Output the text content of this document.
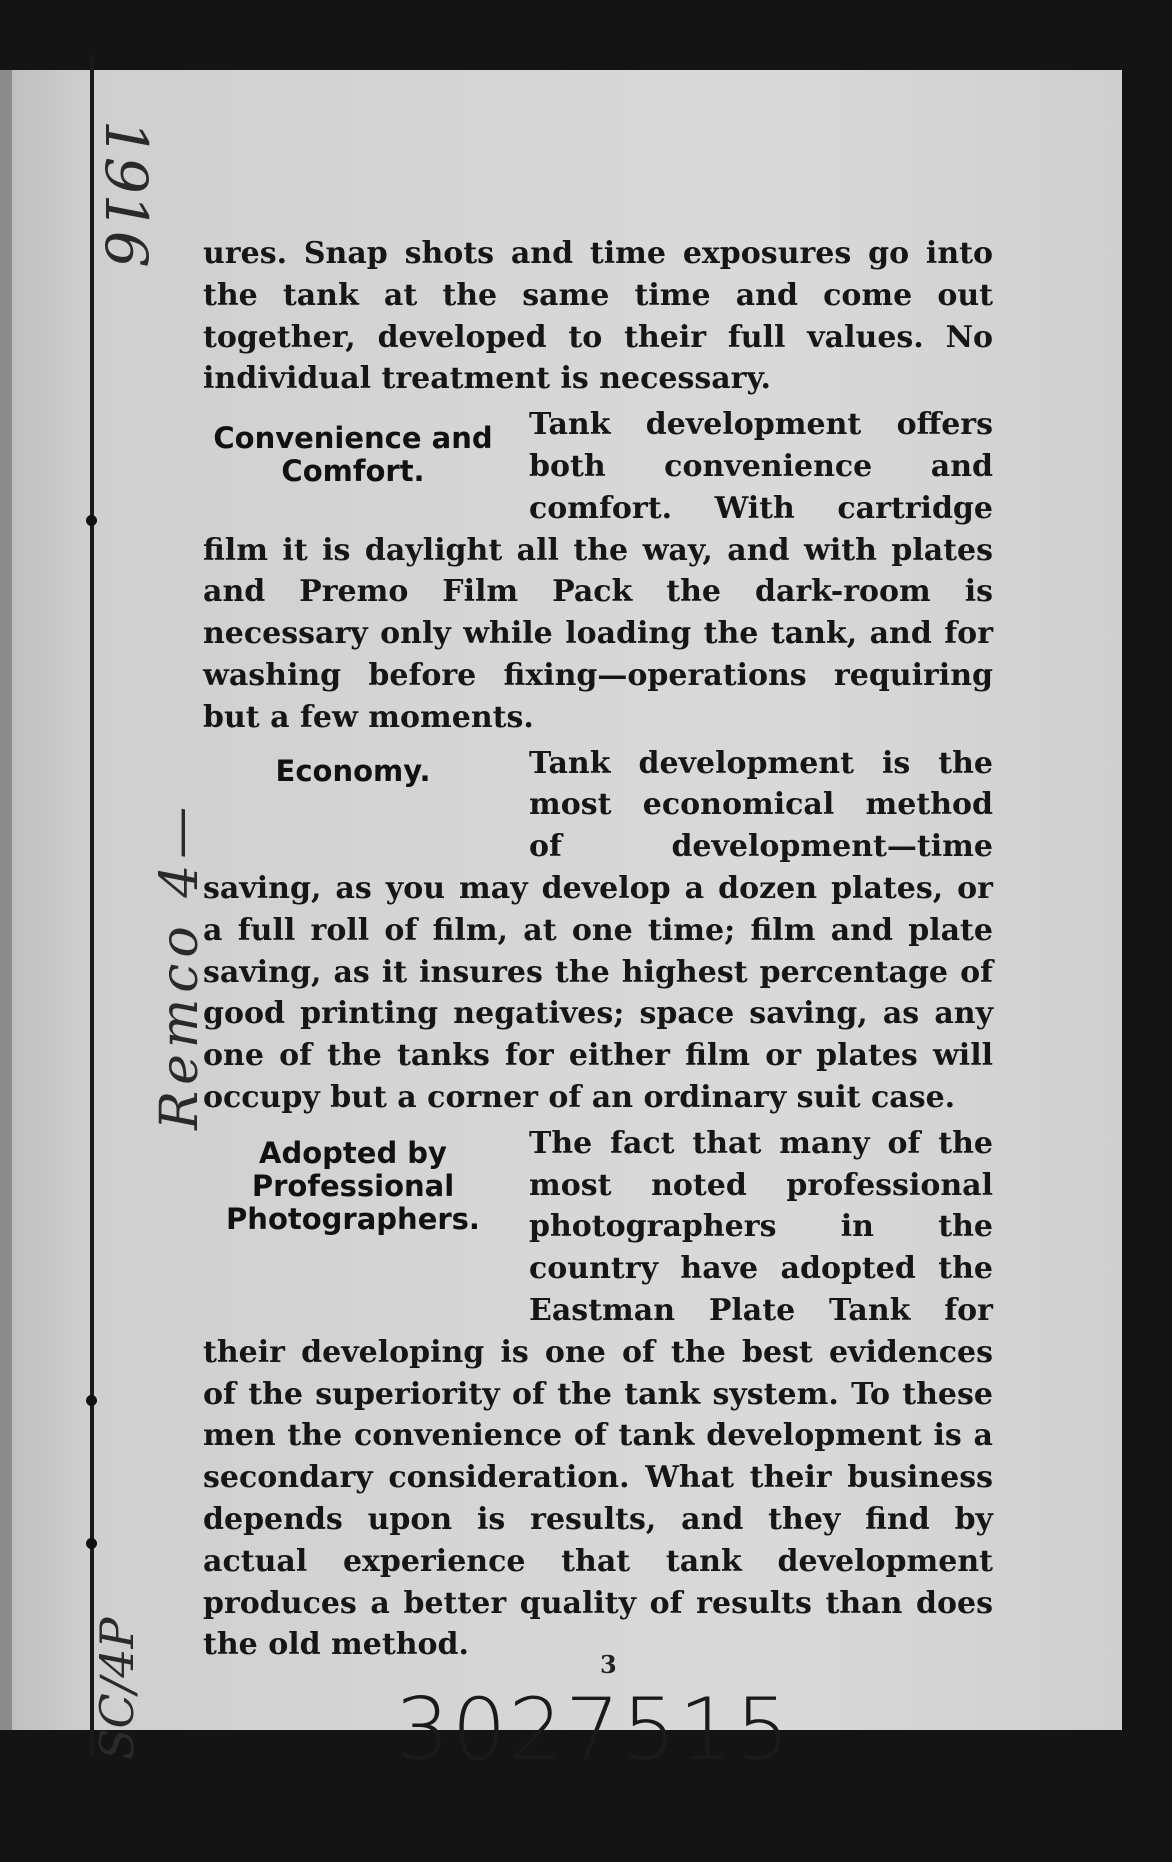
1916
Remco 4—
SC/4P	3027515

ures. Snap shots and time exposures go into the tank at the same time and come out together, developed to their full values. No individual treatment is necessary.

Convenience and Comfort.

Tank development offers both convenience and comfort. With cartridge film it is daylight all the way, and with plates and Premo Film Pack the dark-room is necessary only while loading the tank, and for washing before fixing—operations requiring but a few moments.

Economy.	Tank development is the most economical method of development—time saving, as you may develop a dozen plates, or a full roll of film, at one time; film and plate saving, as it insures the highest percentage of good printing negatives; space saving, as any one of the tanks for either film or plates will occupy but a corner of an ordinary suit case.

Adopted by Professional Photographers.

The fact that many of the most noted professional photographers in the country have adopted the Eastman Plate Tank for their developing is one of the best evidences of the superiority of the tank system. To these men the convenience of tank development is a secondary consideration. What their business depends upon is results, and they find by actual experience that tank development produces a better quality of results than does the old method.

3
